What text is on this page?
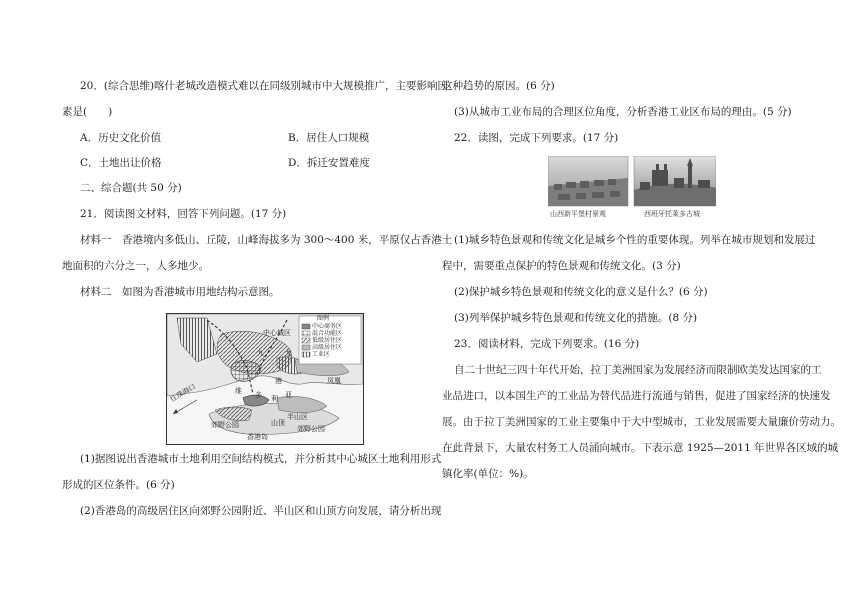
20．(综合思维)喀什老城改造模式难以在同级别城市中大规模推广，主要影响因
素是(　　)
A．历史文化价值	B．居住人口规模
C．土地出让价格	D．拆迁安置难度
二、综合题(共 50 分)
21．阅读图文材料，回答下列问题。(17 分)
材料一　香港境内多低山、丘陵，山峰海拔多为 300～400 米，平原仅占香港土
地面积的六分之一，人多地少。
材料二　如图为香港城市用地结构示意图。
(1)据图说出香港城市土地利用空间结构模式，并分析其中心城区土地利用形式
形成的区位条件。(6 分)
(2)香港岛的高级居住区向郊野公园附近、半山区和山顶方向发展，请分析出现
图例
中心商务区
混合功能区
低级居住区
高级居住区
工业区
中心城区
九	龙
凤凰
往珠海口	维 多 利 亚
港
郊野公园	山顶
半山区
郊野公园
香港岛
这种趋势的原因。(6 分)
(3)从城市工业布局的合理区位角度，分析香港工业区布局的理由。(5 分)
22．读图，完成下列要求。(17 分)
(1)城乡特色景观和传统文化是城乡个性的重要体现。列举在城市规划和发展过
程中，需要重点保护的特色景观和传统文化。(3 分)
(2)保护城乡特色景观和传统文化的意义是什么？(6 分)
(3)列举保护城乡特色景观和传统文化的措施。(8 分)
23．阅读材料，完成下列要求。(16 分)
自二十世纪三四十年代开始，拉丁美洲国家为发展经济而限制欧美发达国家的工
业品进口，以本国生产的工业品为替代品进行流通与销售，促进了国家经济的快速发
展。由于拉丁美洲国家的工业主要集中于大中型城市，工业发展需要大量廉价劳动力。
在此背景下，大量农村务工人员涌向城市。下表示意 1925—2011 年世界各区域的城
镇化率(单位：%)。
山西新平堡村景观	西班牙托莱多古城
